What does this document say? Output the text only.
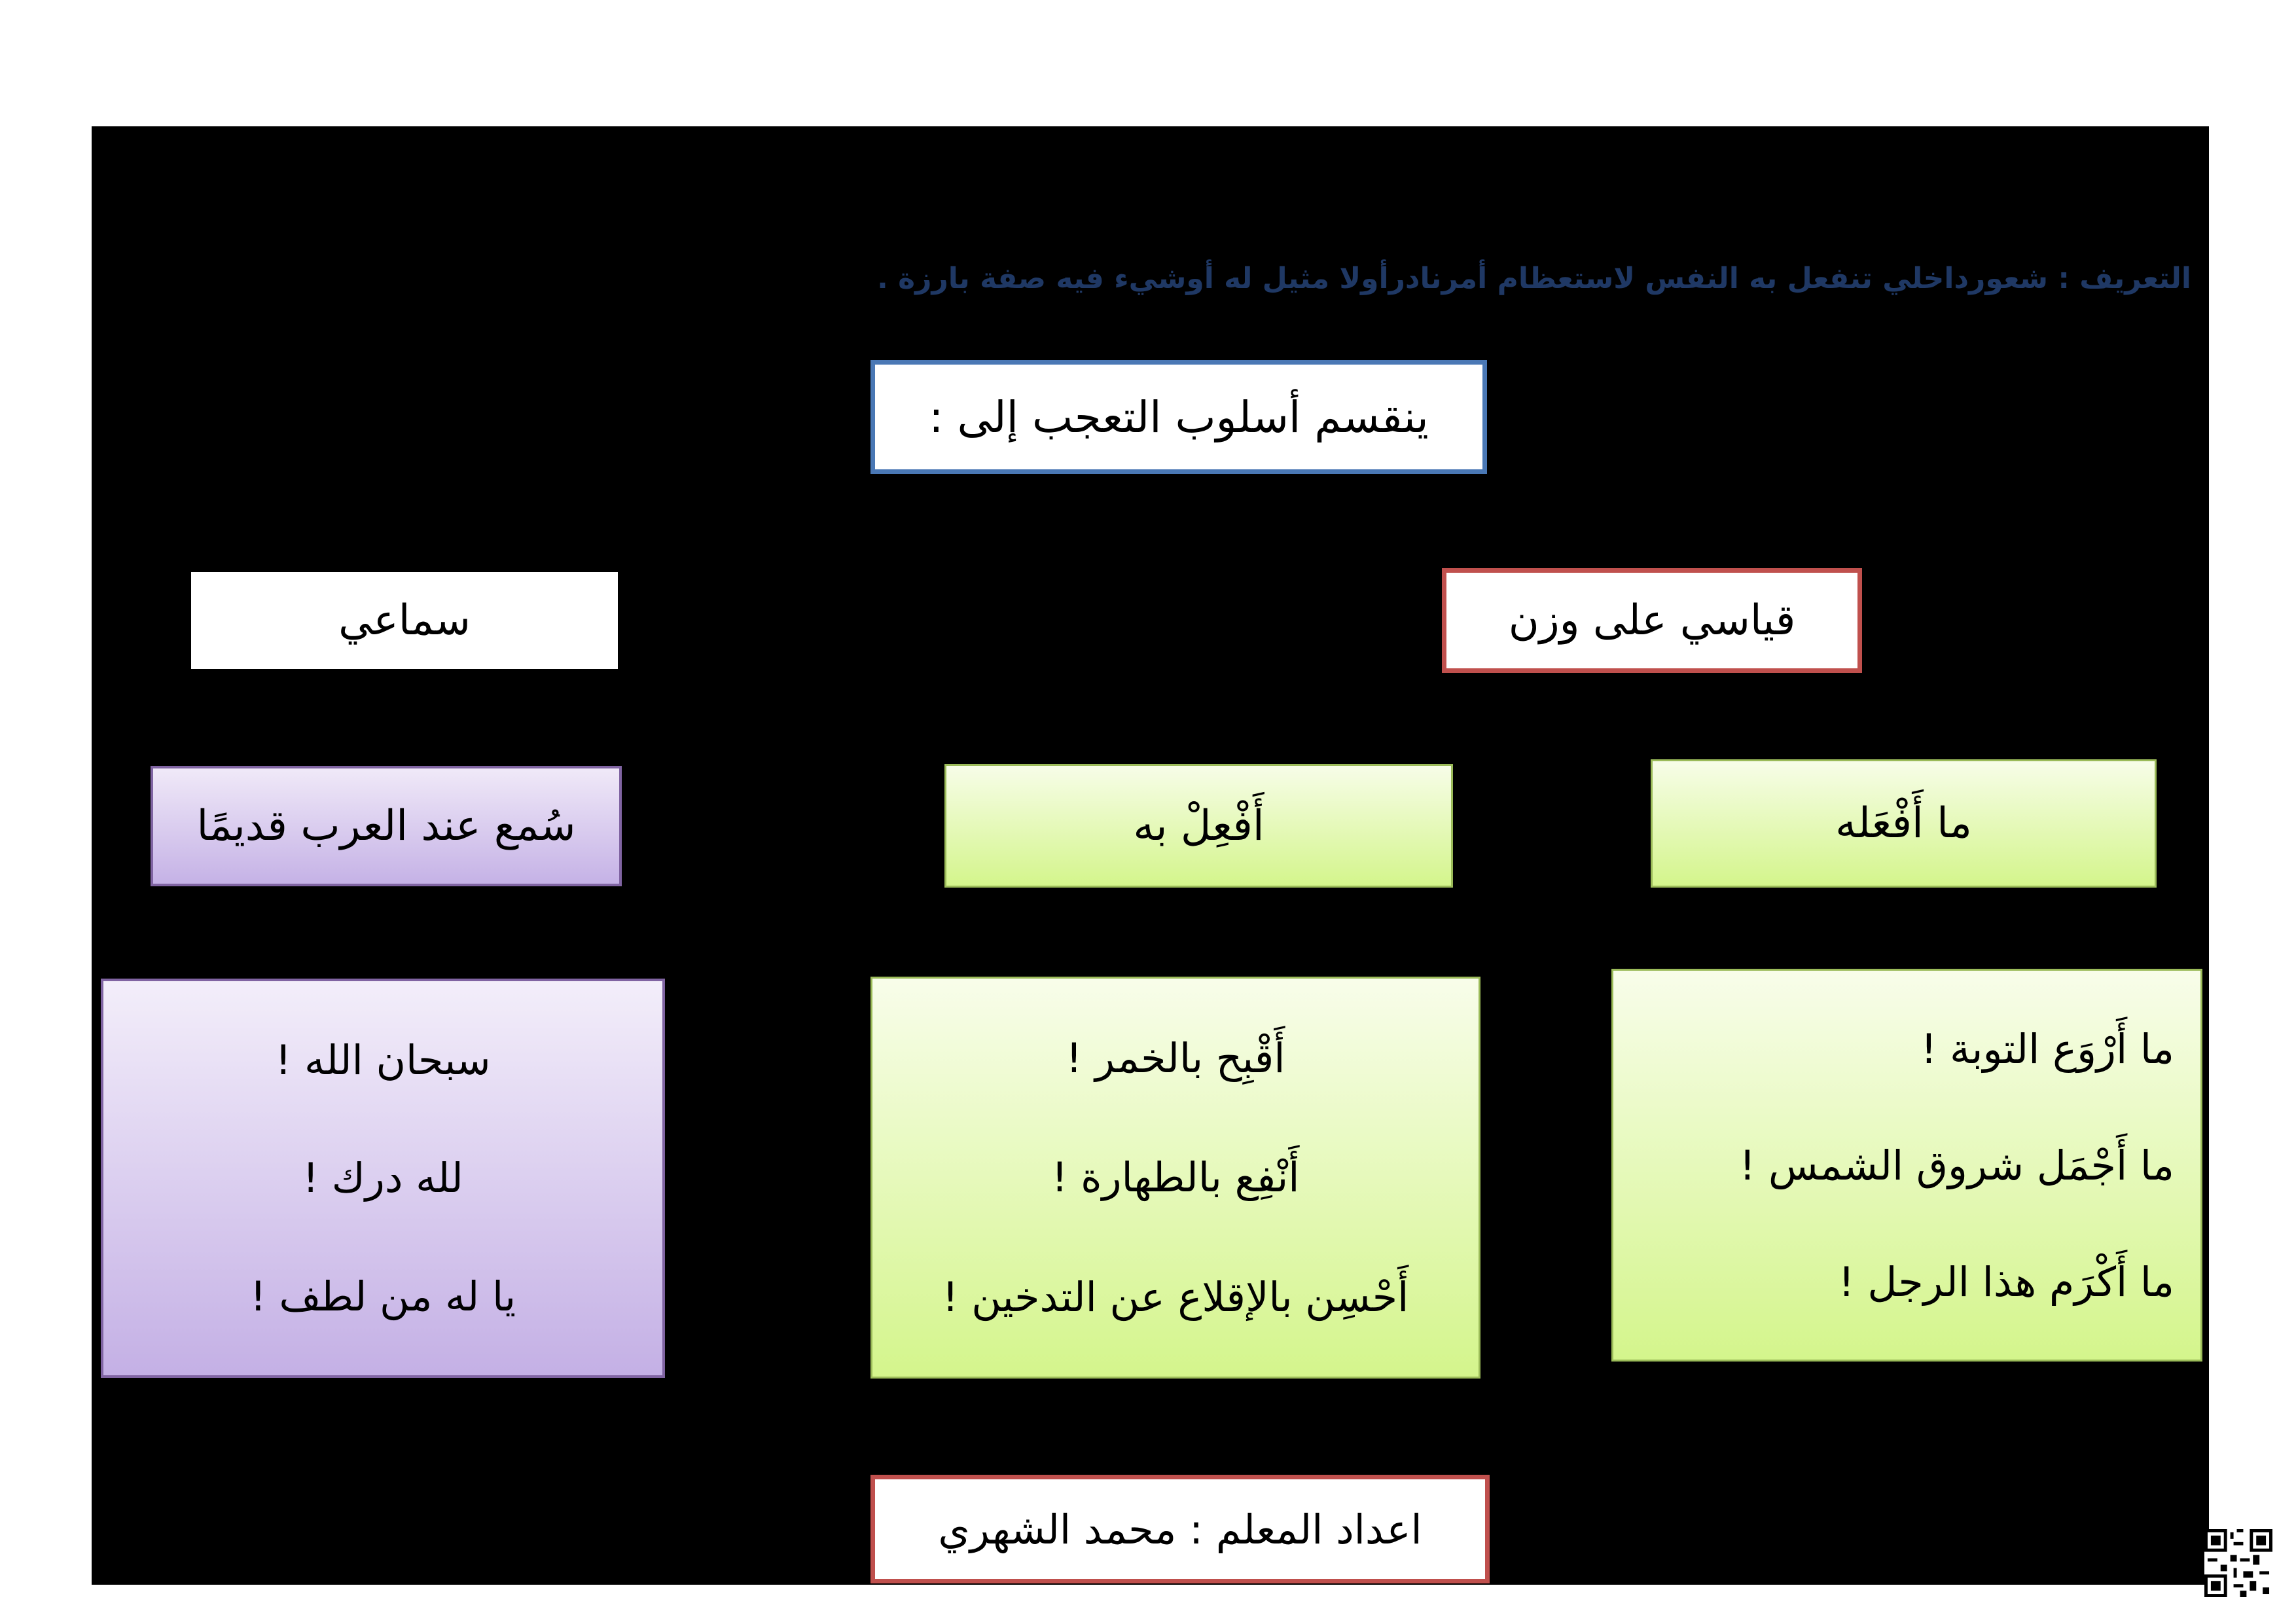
التعريف : شعورداخلي تنفعل به النفس لاستعظام أمرنادرأولا مثيل له أوشيء فيه صفة بارزة .
ينقسم أسلوب التعجب إلى :
سماعي	قياسي على وزن
سُمع عند العرب قديمًا	أَفْعِلْ به	ما أَفْعَله
سبحان الله !
لله درك !
يا له من لطف !
أَقْبِح بالخمر !
أَنْفِع بالطهارة !
أَحْسِن بالإقلاع عن التدخين !
ما أَرْوَع التوبة !
ما أَجْمَل شروق الشمس !
ما أَكْرَم هذا الرجل !
اعداد المعلم : محمد الشهري
